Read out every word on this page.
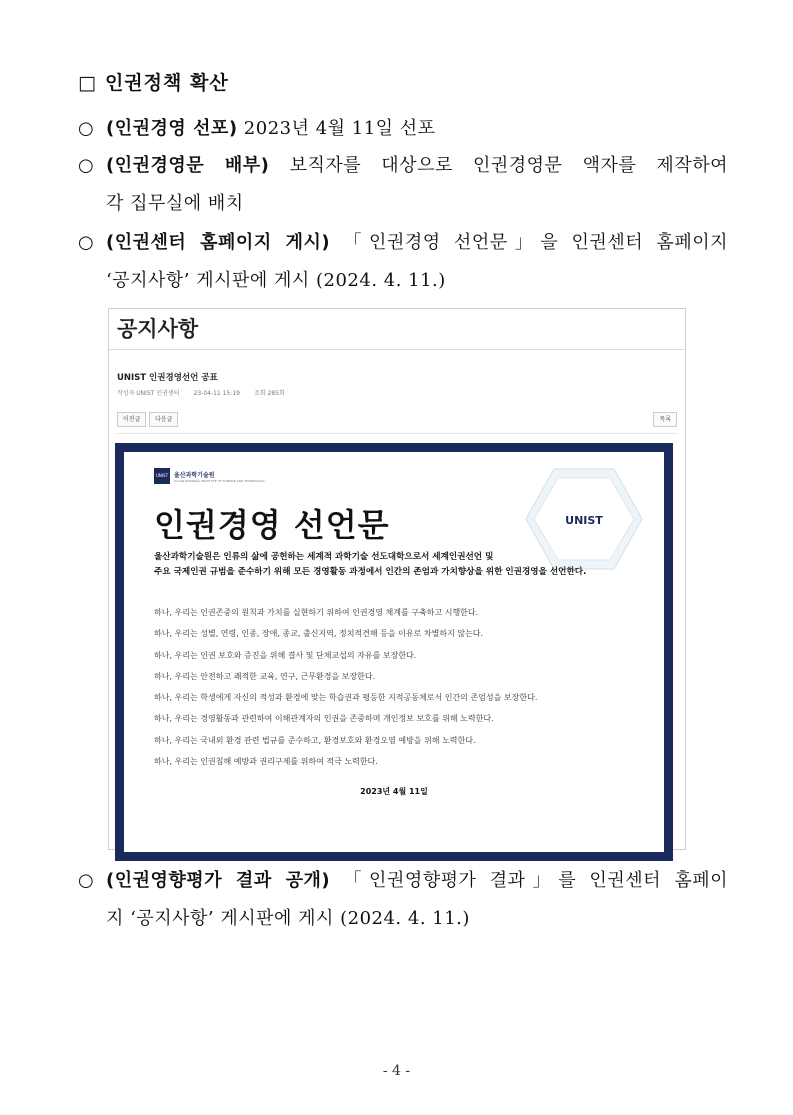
□ 인권정책 확산
○ (인권경영 선포) 2023년 4월 11일 선포
○ (인권경영문 배부) 보직자를 대상으로 인권경영문 액자를 제작하여
각 집무실에 배치
○ (인권센터 홈페이지 게시) 「인권경영 선언문」을 인권센터 홈페이지
‘공지사항’ 게시판에 게시 (2024. 4. 11.)
공지사항
UNIST 인권경영선언 공표
작성자 UNIST 인권센터 23-04-11 15:19 조회 285회
이전글	다음글	목록
UNIST 울산과학기술원
ULSAN NATIONAL INSTITUTE OF SCIENCE AND TECHNOLOGY
UNIST
인권경영 선언문
울산과학기술원은 인류의 삶에 공헌하는 세계적 과학기술 선도대학으로서 세계인권선언 및
주요 국제인권 규범을 준수하기 위해 모든 경영활동 과정에서 인간의 존엄과 가치향상을 위한 인권경영을 선언한다.
하나, 우리는 인권존중의 원칙과 가치를 실현하기 위하여 인권경영 체계를 구축하고 시행한다.
하나, 우리는 성별, 연령, 인종, 장애, 종교, 출신지역, 정치적견해 등을 이유로 차별하지 않는다.
하나, 우리는 인권 보호와 증진을 위해 결사 및 단체교섭의 자유를 보장한다.
하나, 우리는 안전하고 쾌적한 교육, 연구, 근무환경을 보장한다.
하나, 우리는 학생에게 자신의 적성과 환경에 맞는 학습권과 평등한 지적공동체로서 인간의 존엄성을 보장한다.
하나, 우리는 경영활동과 관련하여 이해관계자의 인권을 존중하며 개인정보 보호를 위해 노력한다.
하나, 우리는 국내외 환경 관련 법규를 준수하고, 환경보호와 환경오염 예방을 위해 노력한다.
하나, 우리는 인권침해 예방과 권리구제를 위하여 적극 노력한다.
2023년 4월 11일
○ (인권영향평가 결과 공개) 「인권영향평가 결과」를 인권센터 홈페이
지 ‘공지사항’ 게시판에 게시 (2024. 4. 11.)
- 4 -
